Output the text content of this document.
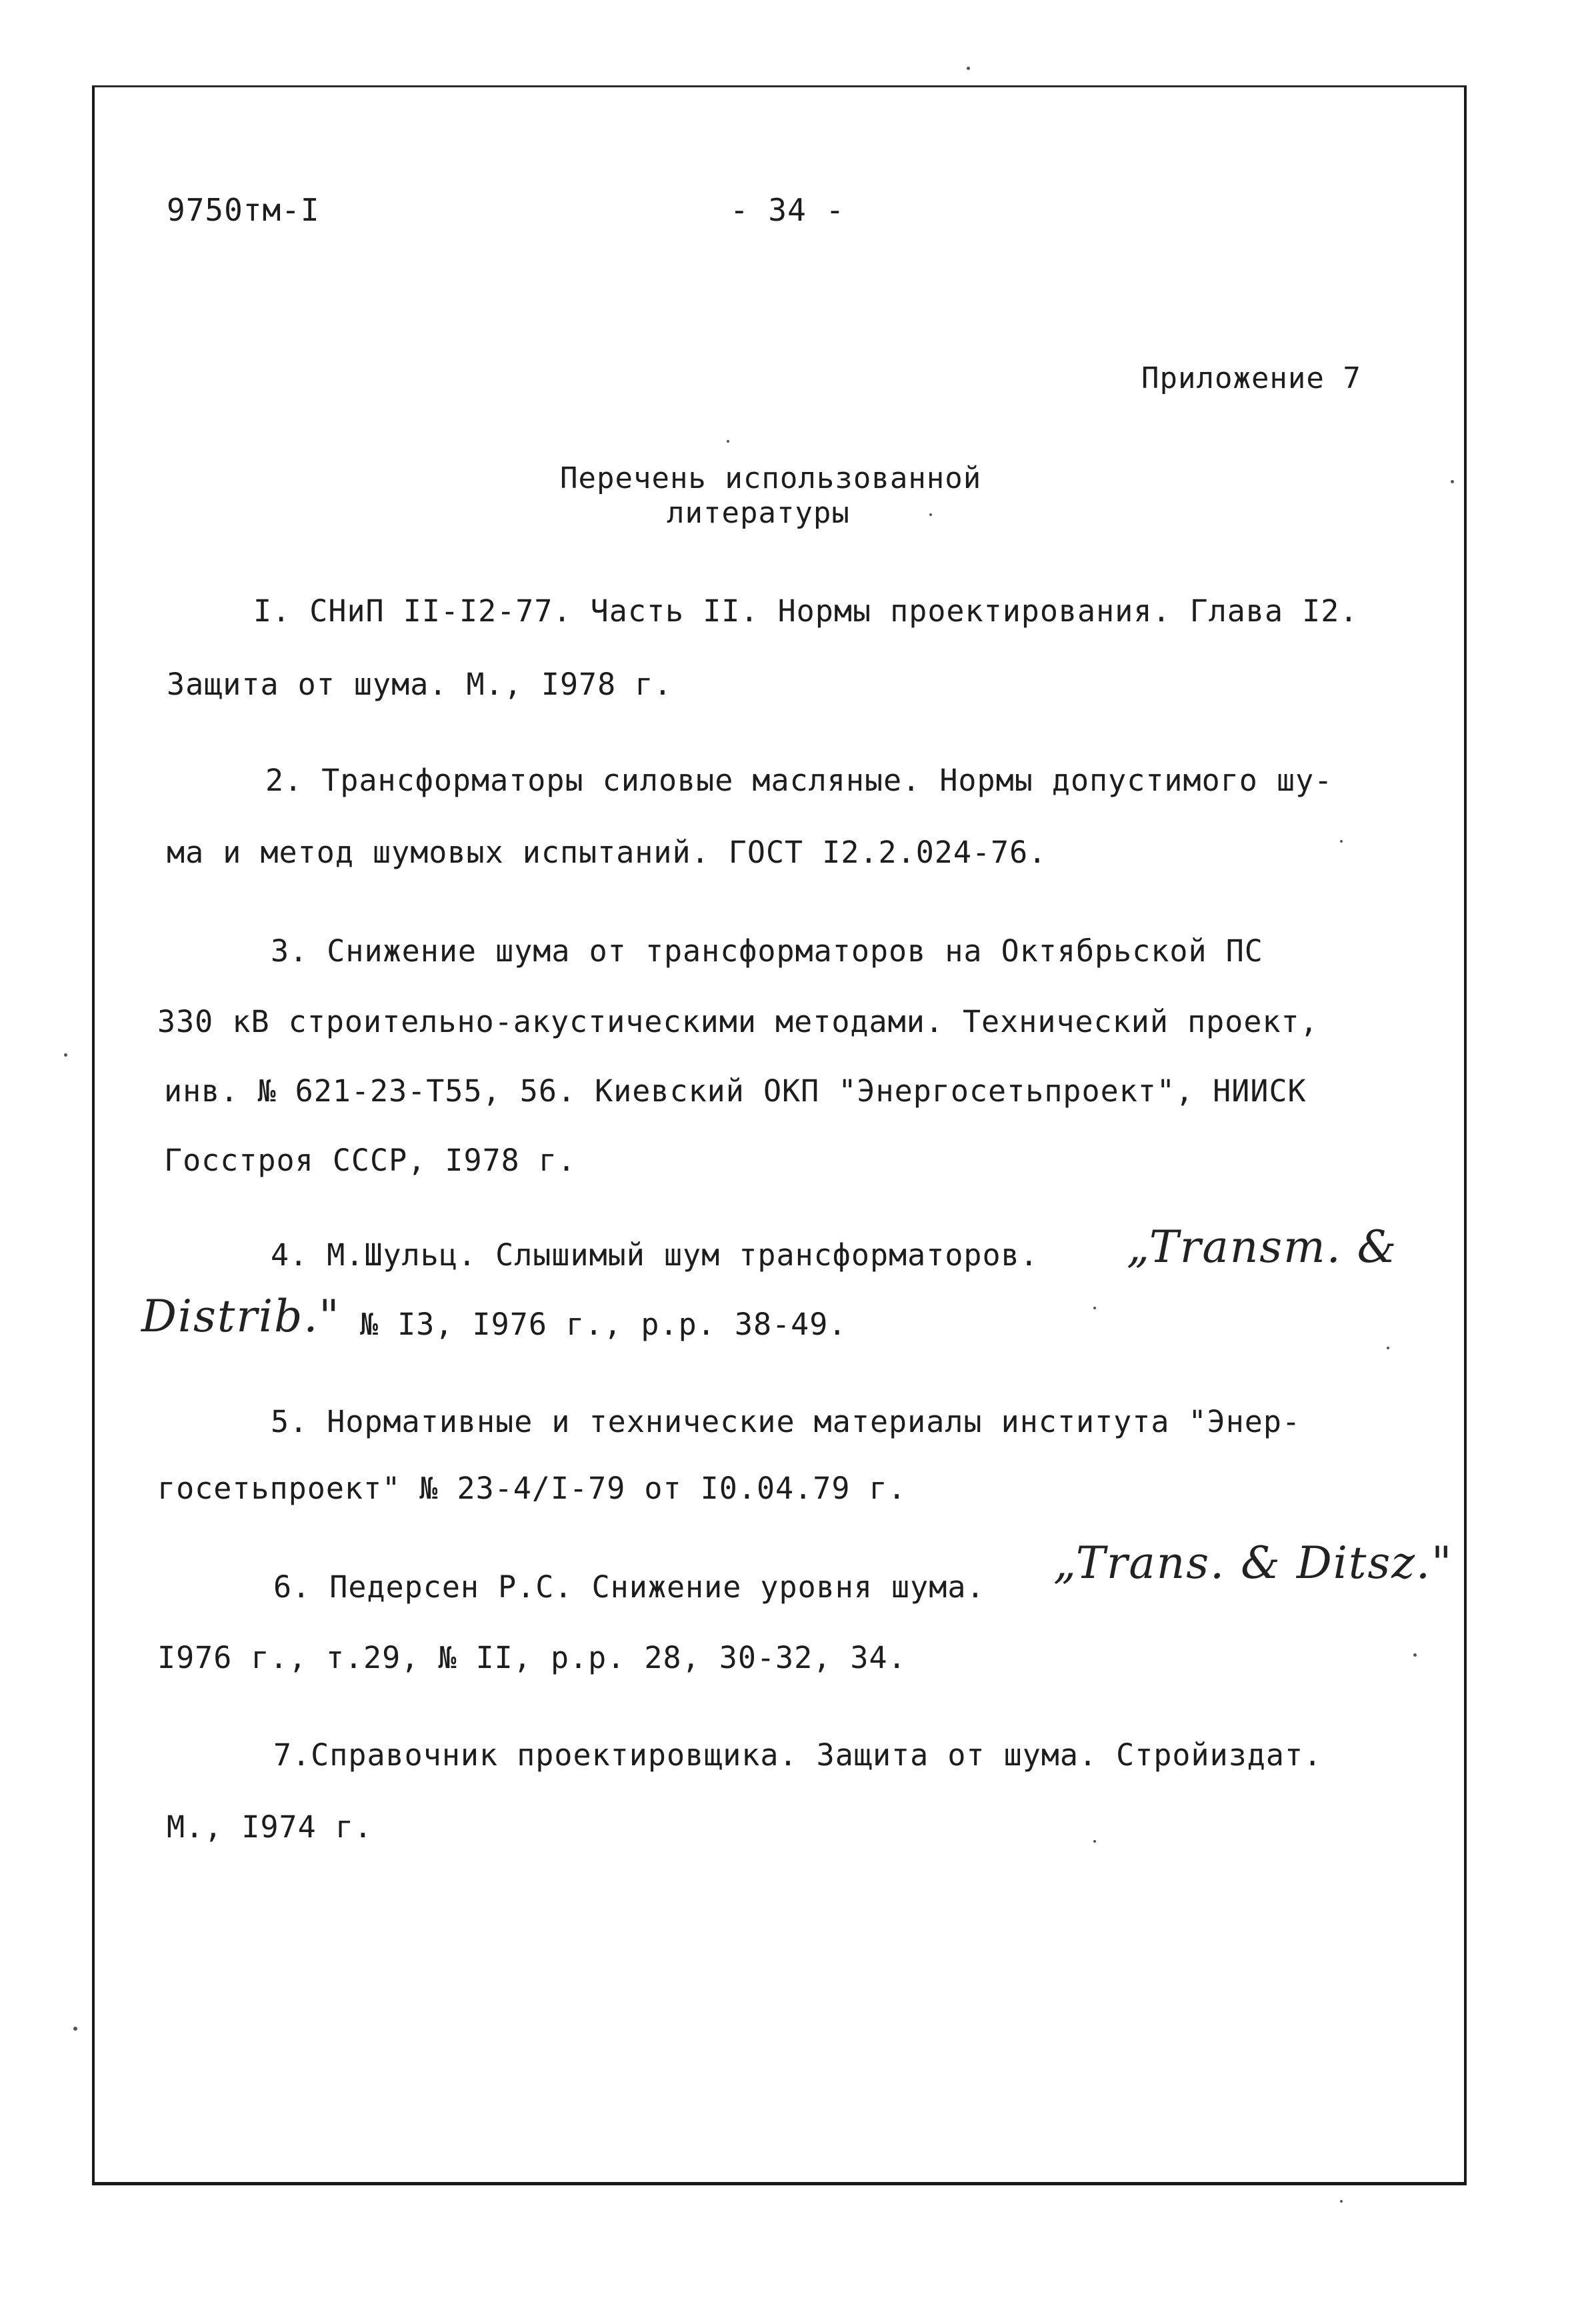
9750тм-I	- 34 -
Приложение 7
Перечень использованной
литературы
I. СНиП II-I2-77. Часть II. Нормы проектирования. Глава I2.
Защита от шума. М., I978 г.
2. Трансформаторы силовые масляные. Нормы допустимого шу-
ма и метод шумовых испытаний. ГОСТ I2.2.024-76.
3. Снижение шума от трансформаторов на Октябрьской ПС
330 кВ строительно-акустическими методами. Технический проект,
инв. № 621-23-Т55, 56. Киевский ОКП "Энергосетьпроект", НИИСК
Госстроя СССР, I978 г.
4. М.Шульц. Слышимый шум трансформаторов. „Transm. &
Distrib." № I3, I976 г., p.p. 38-49.
5. Нормативные и технические материалы института "Энер-
госетьпроект" № 23-4/I-79 от I0.04.79 г.
6. Педерсен Р.С. Снижение уровня шума. „Trans. & Ditsz."
I976 г., т.29, № II, p.p. 28, 30-32, 34.
7.Справочник проектировщика. Защита от шума. Стройиздат.
М., I974 г.
